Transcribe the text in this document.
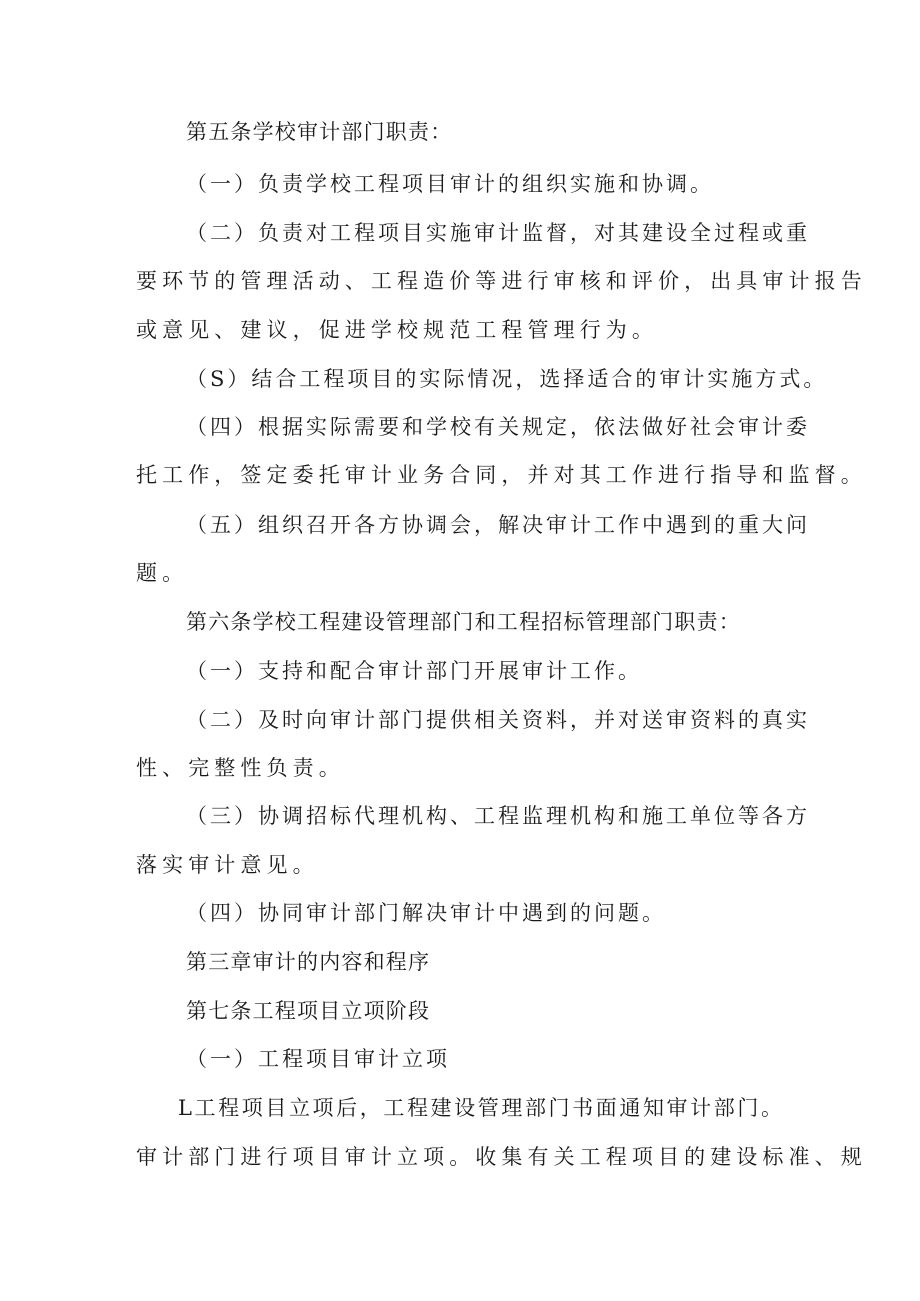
第五条学校审计部门职责：
（一）负责学校工程项目审计的组织实施和协调。
（二）负责对工程项目实施审计监督，对其建设全过程或重
要环节的管理活动、工程造价等进行审核和评价，出具审计报告
或意见、建议，促进学校规范工程管理行为。
（S）结合工程项目的实际情况，选择适合的审计实施方式。
（四）根据实际需要和学校有关规定，依法做好社会审计委
托工作，签定委托审计业务合同，并对其工作进行指导和监督。
（五）组织召开各方协调会，解决审计工作中遇到的重大问
题。
第六条学校工程建设管理部门和工程招标管理部门职责：
（一）支持和配合审计部门开展审计工作。
（二）及时向审计部门提供相关资料，并对送审资料的真实
性、完整性负责。
（三）协调招标代理机构、工程监理机构和施工单位等各方
落实审计意见。
（四）协同审计部门解决审计中遇到的问题。
第三章审计的内容和程序
第七条工程项目立项阶段
（一）工程项目审计立项
L工程项目立项后，工程建设管理部门书面通知审计部门。
审计部门进行项目审计立项。收集有关工程项目的建设标准、规
